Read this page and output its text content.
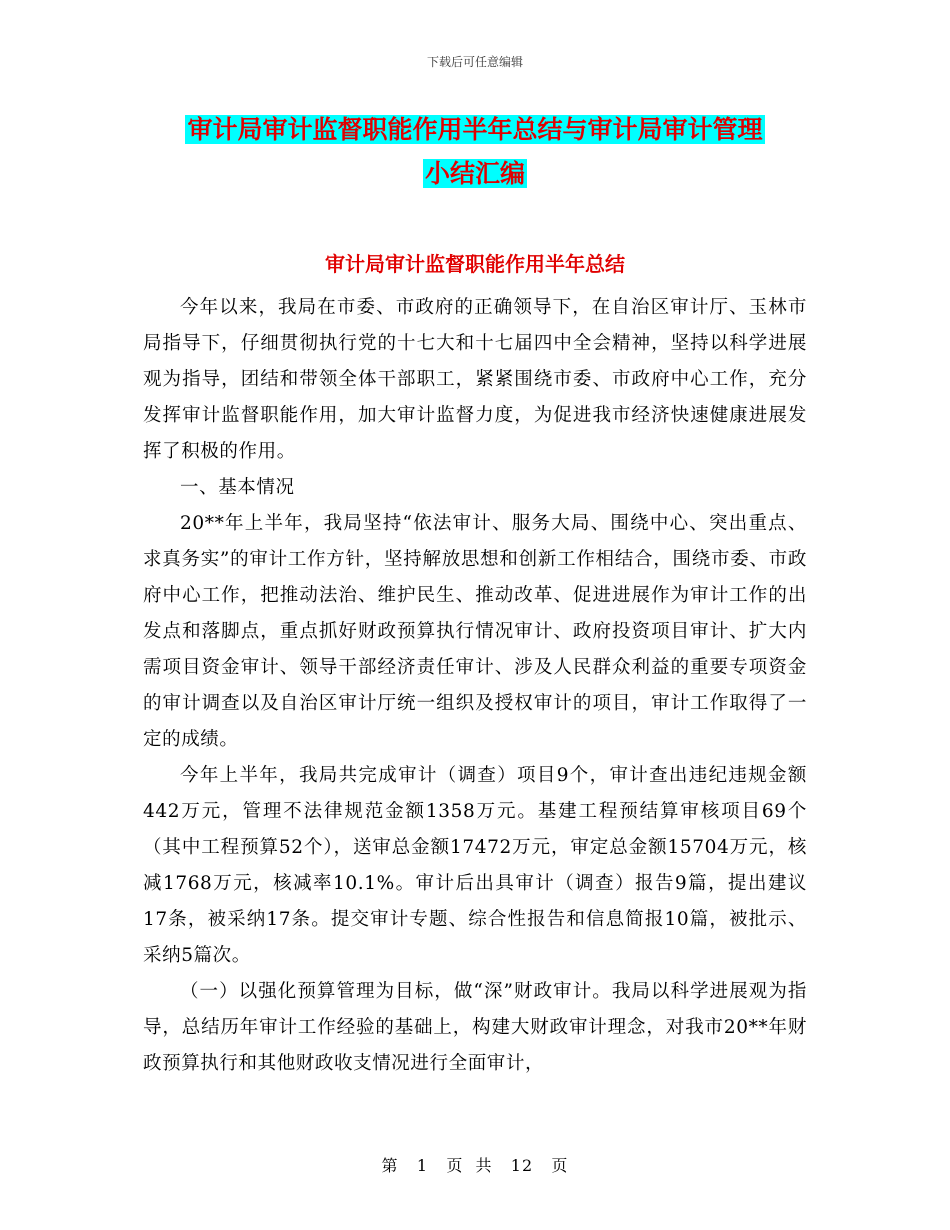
下载后可任意编辑
审计局审计监督职能作用半年总结与审计局审计管理
小结汇编
审计局审计监督职能作用半年总结

今年以来，我局在市委、市政府的正确领导下，在自治区审计厅、玉林市局指导下，仔细贯彻执行党的十七大和十七届四中全会精神，坚持以科学进展观为指导，团结和带领全体干部职工，紧紧围绕市委、市政府中心工作，充分发挥审计监督职能作用，加大审计监督力度，为促进我市经济快速健康进展发挥了积极的作用。

一、基本情况

20**年上半年，我局坚持“依法审计、服务大局、围绕中心、突出重点、求真务实”的审计工作方针，坚持解放思想和创新工作相结合，围绕市委、市政府中心工作，把推动法治、维护民生、推动改革、促进进展作为审计工作的出发点和落脚点，重点抓好财政预算执行情况审计、政府投资项目审计、扩大内需项目资金审计、领导干部经济责任审计、涉及人民群众利益的重要专项资金的审计调查以及自治区审计厅统一组织及授权审计的项目，审计工作取得了一定的成绩。

今年上半年，我局共完成审计（调查）项目9个，审计查出违纪违规金额442万元，管理不法律规范金额1358万元。基建工程预结算审核项目69个（其中工程预算52个），送审总金额17472万元，审定总金额15704万元，核减1768万元，核减率10.1%。审计后出具审计（调查）报告9篇，提出建议17条，被采纳17条。提交审计专题、综合性报告和信息简报10篇，被批示、采纳5篇次。

（一）以强化预算管理为目标，做“深”财政审计。我局以科学进展观为指导，总结历年审计工作经验的基础上，构建大财政审计理念，对我市20**年财政预算执行和其他财政收支情况进行全面审计，

第 1 页  共 12 页
